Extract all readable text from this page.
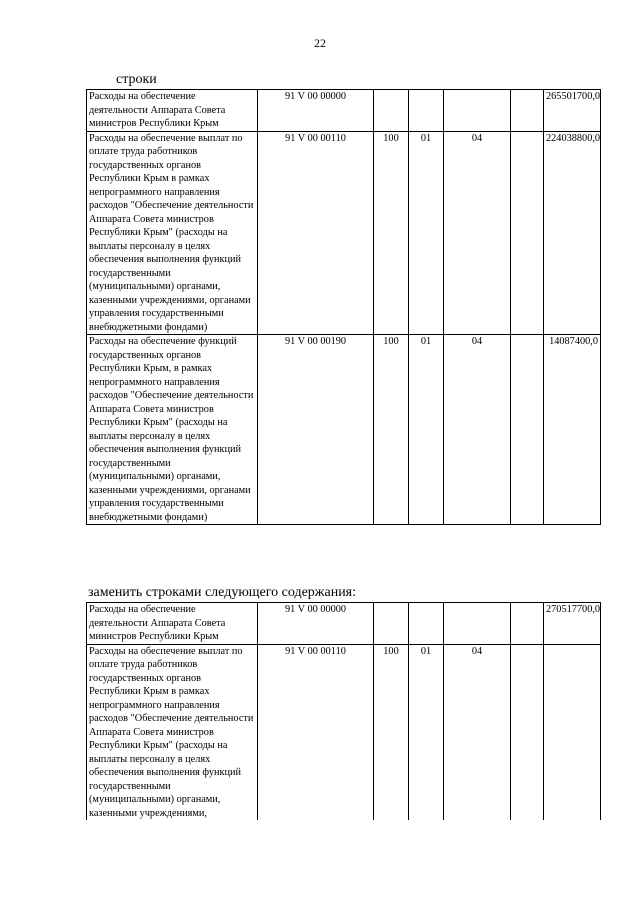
22
строки
Расходы на обеспечение деятельности Аппарата Совета министров Республики Крым	91 V 00 00000					265501700,0
Расходы на обеспечение выплат по оплате труда работников государственных органов Республики Крым в рамках непрограммного направления расходов "Обеспечение деятельности Аппарата Совета министров Республики Крым" (расходы на выплаты персоналу в целях обеспечения выполнения функций государственными (муниципальными) органами, казенными учреждениями, органами управления государственными внебюджетными фондами)	91 V 00 00110	100	01	04		224038800,0
Расходы на обеспечение функций государственных органов Республики Крым, в рамках непрограммного направления расходов "Обеспечение деятельности Аппарата Совета министров Республики Крым" (расходы на выплаты персоналу в целях обеспечения выполнения функций государственными (муниципальными) органами, казенными учреждениями, органами управления государственными внебюджетными фондами)	91 V 00 00190	100	01	04		14087400,0
заменить строками следующего содержания:
Расходы на обеспечение деятельности Аппарата Совета министров Республики Крым	91 V 00 00000					270517700,0
Расходы на обеспечение выплат по оплате труда работников государственных органов Республики Крым в рамках непрограммного направления расходов "Обеспечение деятельности Аппарата Совета министров Республики Крым" (расходы на выплаты персоналу в целях обеспечения выполнения функций государственными (муниципальными) органами, казенными учреждениями,	91 V 00 00110	100	01	04		
